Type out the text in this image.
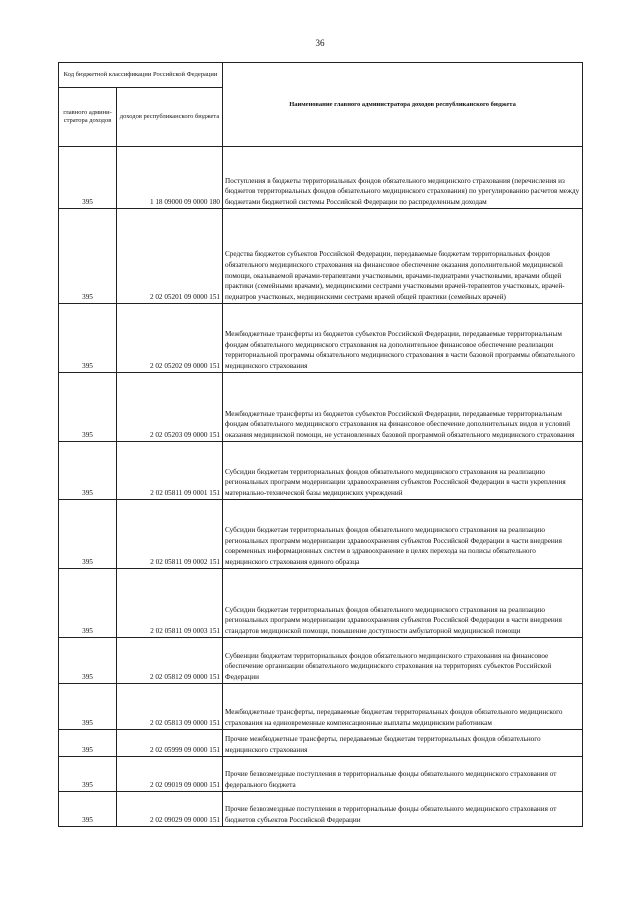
36
Код бюджетной классификации Российской Федерации		Наименование главного администратора доходов республиканского бюджета
главного админи-стратора доходов	доходов республиканского бюджета	
395	1 18 09000 09 0000 180	Поступления в бюджеты территориальных фондов обязательного медицинского страхования (перечисления из бюджетов территориальных фондов обязательного медицинского страхования) по урегулированию расчетов между бюджетами бюджетной системы Российской Федерации по распределенным доходам
395	2 02 05201 09 0000 151	Средства бюджетов субъектов Российской Федерации, передаваемые бюджетам территориальных фондов обязательного медицинского страхования на финансовое обеспечение оказания дополнительной медицинской помощи, оказываемой врачами-терапевтами участковыми, врачами-педиатрами участковыми, врачами общей практики (семейными врачами), медицинскими сестрами участковыми врачей-терапевтов участковых, врачей-педиатров участковых, медицинскими сестрами врачей общей практики (семейных врачей)
395	2 02 05202 09 0000 151	Межбюджетные трансферты из бюджетов субъектов Российской Федерации, передаваемые территориальным фондам обязательного медицинского страхования на дополнительное финансовое обеспечение реализации территориальной программы обязательного медицинского страхования в части базовой программы обязательного медицинского страхования
395	2 02 05203 09 0000 151	Межбюджетные трансферты из бюджетов субъектов Российской Федерации, передаваемые территориальным фондам обязательного медицинского страхования на финансовое обеспечение дополнительных видов и условий оказания медицинской помощи, не установленных базовой программой обязательного медицинского страхования
395	2 02 05811 09 0001 151	Субсидии бюджетам территориальных фондов обязательного медицинского страхования на реализацию региональных программ модернизации здравоохранения субъектов Российской Федерации в части укрепления материально-технической базы медицинских учреждений
395	2 02 05811 09 0002 151	Субсидии бюджетам территориальных фондов обязательного медицинского страхования на реализацию региональных программ модернизации здравоохранения субъектов Российской Федерации в части внедрения современных информационных систем в здравоохранение в целях перехода на полисы обязательного медицинского страхования единого образца
395	2 02 05811 09 0003 151	Субсидии бюджетам территориальных фондов обязательного медицинского страхования на реализацию региональных программ модернизации здравоохранения субъектов Российской Федерации в части внедрения стандартов медицинской помощи, повышение доступности амбулаторной медицинской помощи
395	2 02 05812 09 0000 151	Субвенции бюджетам территориальных фондов обязательного медицинского страхования на финансовое обеспечение организации обязательного медицинского страхования на территориях субъектов Российской Федерации
395	2 02 05813 09 0000 151	Межбюджетные трансферты, передаваемые бюджетам территориальных фондов обязательного медицинского страхования на единовременные компенсационные выплаты медицинским работникам
395	2 02 05999 09 0000 151	Прочие межбюджетные трансферты, передаваемые бюджетам территориальных фондов обязательного медицинского страхования
395	2 02 09019 09 0000 151	Прочие безвозмездные поступления в территориальные фонды обязательного медицинского страхования от федерального бюджета
395	2 02 09029 09 0000 151	Прочие безвозмездные поступления в территориальные фонды обязательного медицинского страхования от бюджетов субъектов Российской Федерации
